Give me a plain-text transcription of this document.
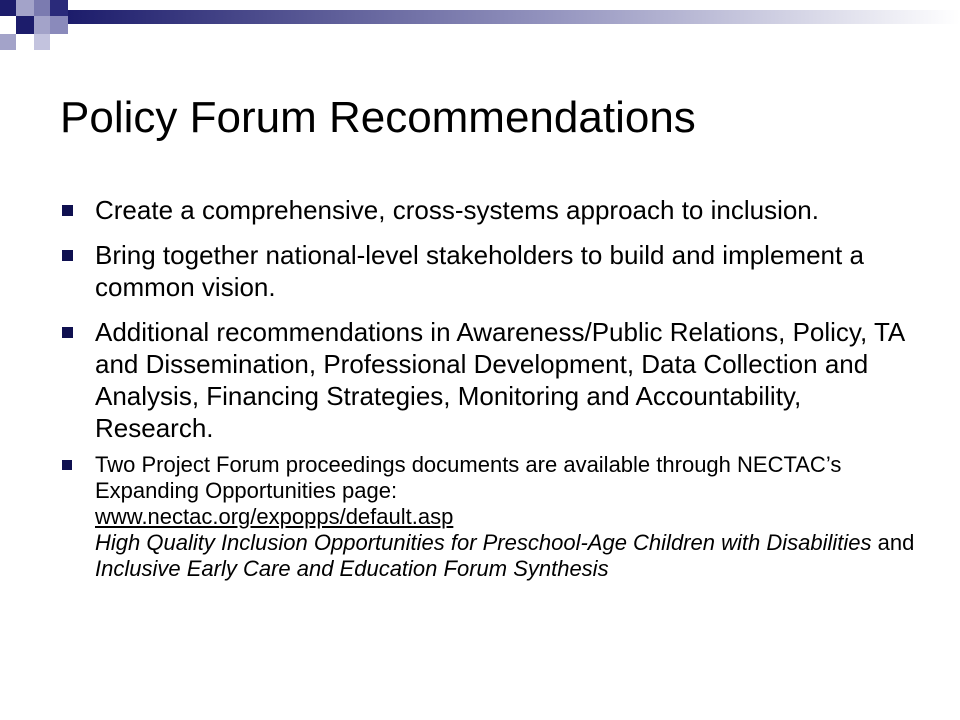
Policy Forum Recommendations
Create a comprehensive, cross-systems approach to inclusion.
Bring together national-level stakeholders to build and implement a common vision.
Additional recommendations in Awareness/Public Relations, Policy, TA and Dissemination, Professional Development, Data Collection and Analysis, Financing Strategies, Monitoring and Accountability, Research.
Two Project Forum proceedings documents are available through NECTAC’s Expanding Opportunities page:
www.nectac.org/expopps/default.asp
High Quality Inclusion Opportunities for Preschool-Age Children with Disabilities and Inclusive Early Care and Education Forum Synthesis
